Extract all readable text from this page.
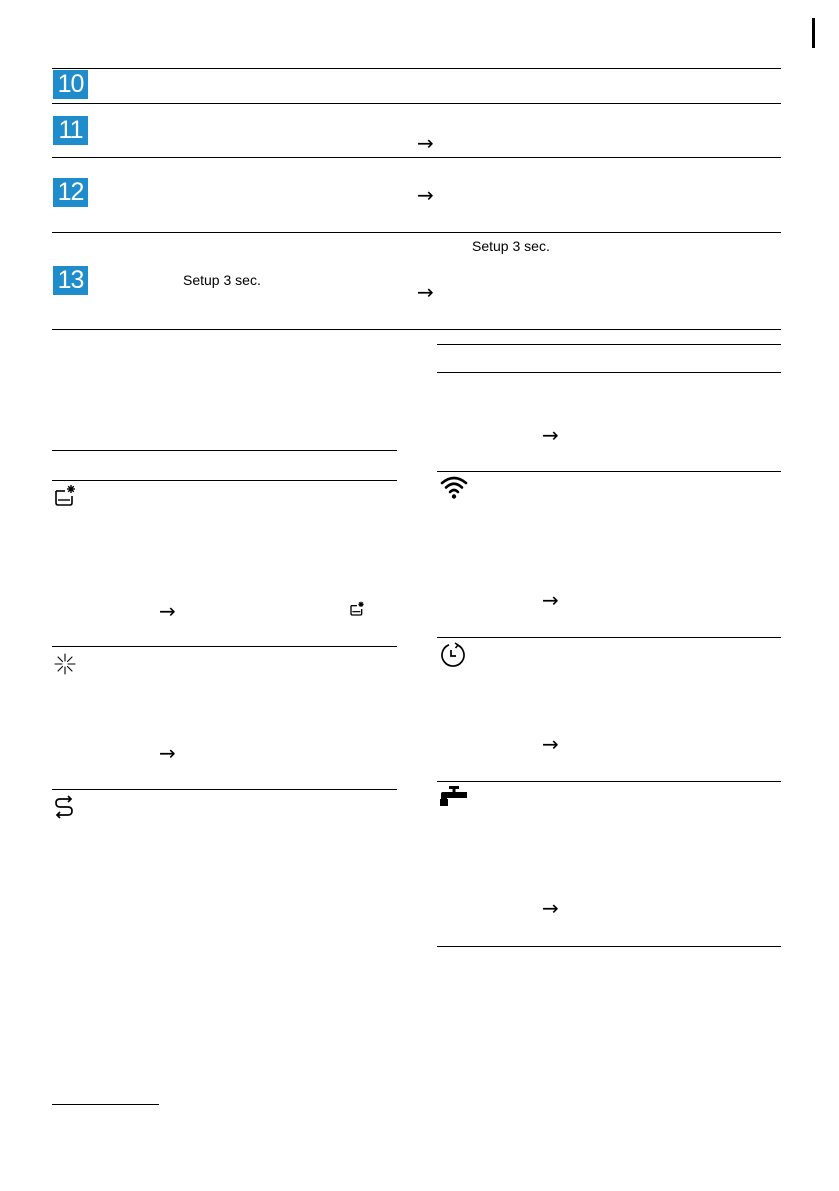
10
11
12
13	Setup 3 sec.
→
→
Setup 3 sec.
→
→
→
→
→
→
→
